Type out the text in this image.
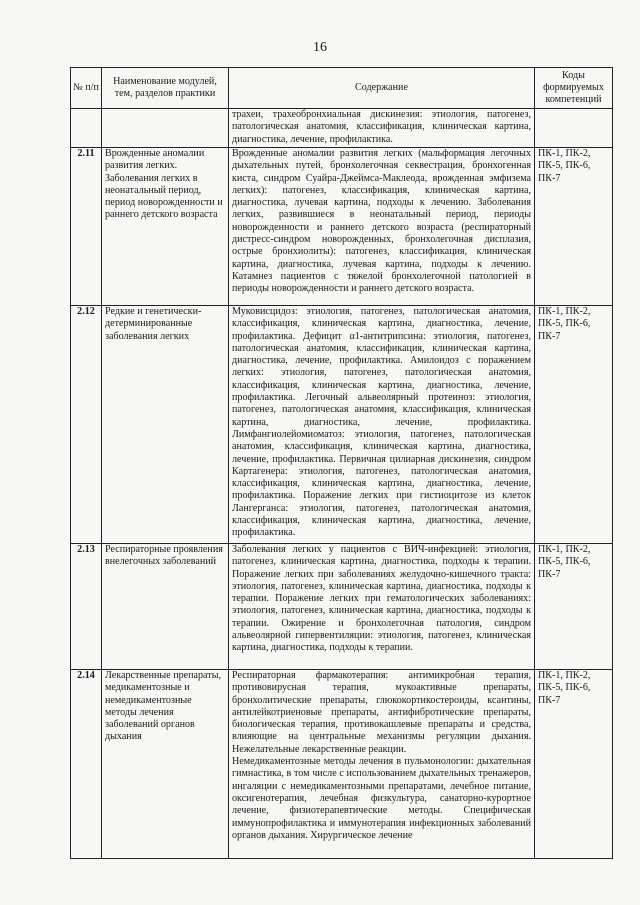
16
№ п/п	Наименование модулей, тем, разделов практики	Содержание	Коды формируемых компетенций

		трахеи, трахеобронхиальная дискинезия: этиология, патогенез, патологическая анатомия, классификация, клиническая картина, диагностика, лечение, профилактика.	

2.11	Врожденные аномалии развития легких. Заболевания легких в неонатальный период, период новорожденности и раннего детского возраста	Врожденные аномалии развития легких (мальформация легочных дыхательных путей, бронхолегочная секвестрация, бронхогенная киста, синдром Суайра-Джеймса-Маклеода, врожденная эмфизема легких): патогенез, классификация, клиническая картина, диагностика, лучевая картина, подходы к лечению. Заболевания легких, развившиеся в неонатальный период, периоды новорожденности и раннего детского возраста (респираторный дистресс-синдром новорожденных, бронхолегочная дисплазия, острые бронхиолиты): патогенез, классификация, клиническая картина, диагностика, лучевая картина, подходы к лечению. Катамнез пациентов с тяжелой бронхолегочной патологией в периоды новорожденности и раннего детского возраста.	ПК-1, ПК-2, ПК-5, ПК-6, ПК-7
2.12	Редкие и генетически-детерминированные заболевания легких	Муковисцидоз: этиология, патогенез, патологическая анатомия, классификация, клиническая картина, диагностика, лечение, профилактика. Дефицит α1-антитрипсина: этиология, патогенез, патологическая анатомия, классификация, клиническая картина, диагностика, лечение, профилактика. Амилоидоз с поражением легких: этиология, патогенез, патологическая анатомия, классификация, клиническая картина, диагностика, лечение, профилактика. Легочный альвеолярный протеиноз: этиология, патогенез, патологическая анатомия, классификация, клиническая картина, диагностика, лечение, профилактика. Лимфангиолейомиоматоз: этиология, патогенез, патологическая анатомия, классификация, клиническая картина, диагностика, лечение, профилактика. Первичная цилиарная дискинезия, синдром Картагенера: этиология, патогенез, патологическая анатомия, классификация, клиническая картина, диагностика, лечение, профилактика. Поражение легких при гистиоцитозе из клеток Лангерганса: этиология, патогенез, патологическая анатомия, классификация, клиническая картина, диагностика, лечение, профилактика.	ПК-1, ПК-2, ПК-5, ПК-6, ПК-7
2.13	Респираторные проявления внелегочных заболеваний	Заболевания легких у пациентов с ВИЧ-инфекцией: этиология, патогенез, клиническая картина, диагностика, подходы к терапии. Поражение легких при заболеваниях желудочно-кишечного тракта: этиология, патогенез, клиническая картина, диагностика, подходы к терапии. Поражение легких при гематологических заболеваниях: этиология, патогенез, клиническая картина, диагностика, подходы к терапии. Ожирение и бронхолегочная патология, синдром альвеолярной гипервентиляции: этиология, патогенез, клиническая картина, диагностика, подходы к терапии.	ПК-1, ПК-2, ПК-5, ПК-6, ПК-7
2.14	Лекарственные препараты, медикаментозные и немедикаментозные методы лечения заболеваний органов дыхания	Респираторная фармакотерапия: антимикробная терапия, противовирусная терапия, мукоактивные препараты, бронхолитические препараты, глюкокортикостероиды, ксантины, антилейкотриеновые препараты, антифибротические препараты, биологическая терапия, противокашлевые препараты и средства, влияющие на центральные механизмы регуляции дыхания. Нежелательные лекарственные реакции.
Немедикаментозные методы лечения в пульмонологии: дыхательная гимнастика, в том числе с использованием дыхательных тренажеров, ингаляции с немедикаментозными препаратами, лечебное питание, оксигенотерапия, лечебная физкультура, санаторно-курортное лечение, физиотерапевтические методы. Специфическая иммунопрофилактика и иммунотерапия инфекционных заболеваний органов дыхания. Хирургическое лечение	ПК-1, ПК-2, ПК-5, ПК-6, ПК-7
